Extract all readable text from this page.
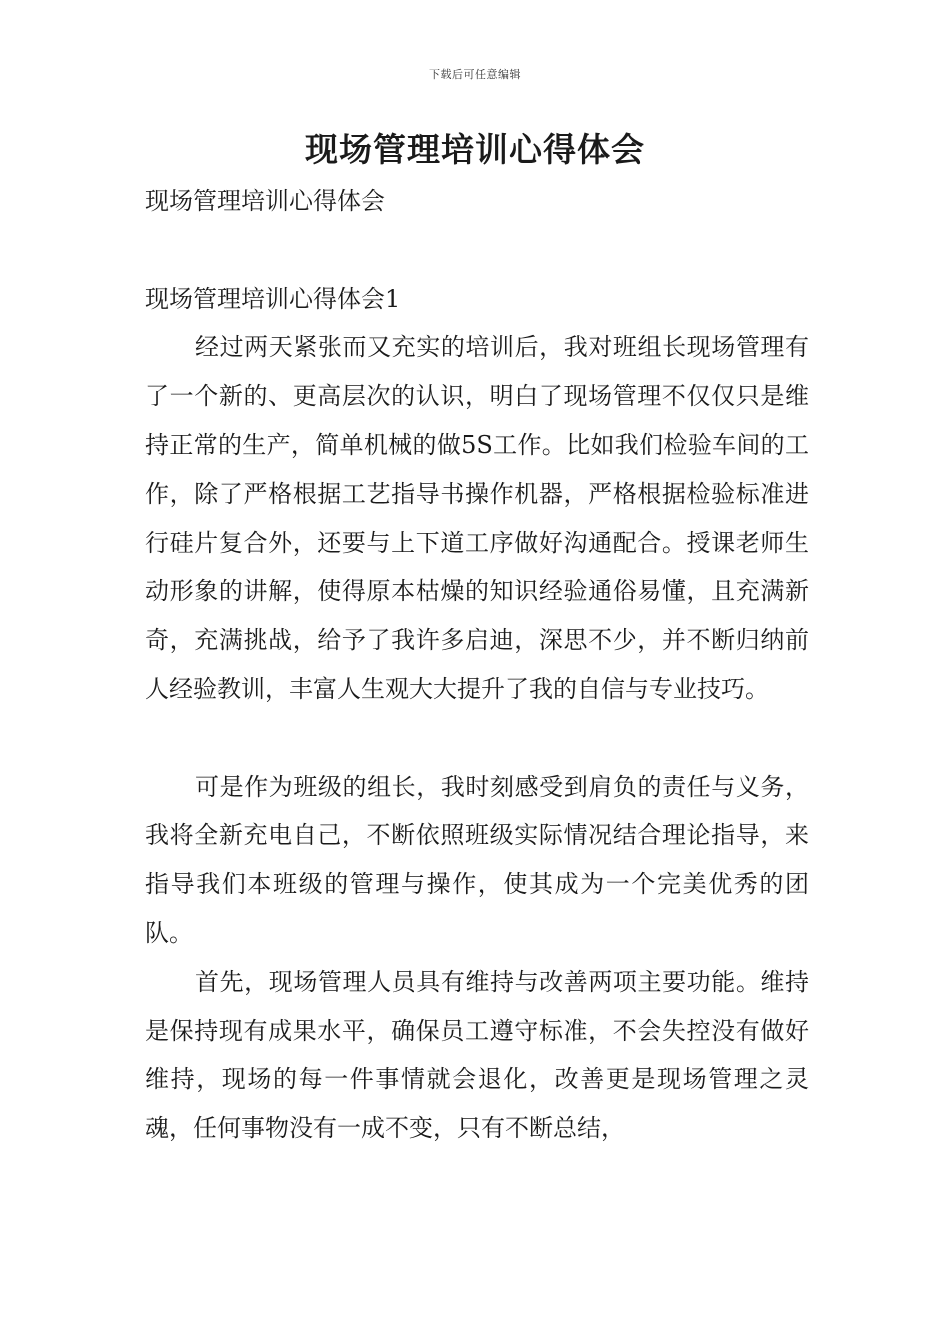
下载后可任意编辑
现场管理培训心得体会
现场管理培训心得体会
现场管理培训心得体会1

经过两天紧张而又充实的培训后，我对班组长现场管理有了一个新的、更高层次的认识，明白了现场管理不仅仅只是维持正常的生产，简单机械的做5S工作。比如我们检验车间的工作，除了严格根据工艺指导书操作机器，严格根据检验标准进行硅片复合外，还要与上下道工序做好沟通配合。授课老师生动形象的讲解，使得原本枯燥的知识经验通俗易懂，且充满新奇，充满挑战，给予了我许多启迪，深思不少，并不断归纳前人经验教训，丰富人生观大大提升了我的自信与专业技巧。

可是作为班级的组长，我时刻感受到肩负的责任与义务，我将全新充电自己，不断依照班级实际情况结合理论指导，来指导我们本班级的管理与操作，使其成为一个完美优秀的团队。

首先，现场管理人员具有维持与改善两项主要功能。维持是保持现有成果水平，确保员工遵守标准，不会失控没有做好维持，现场的每一件事情就会退化，改善更是现场管理之灵魂，任何事物没有一成不变，只有不断总结，
